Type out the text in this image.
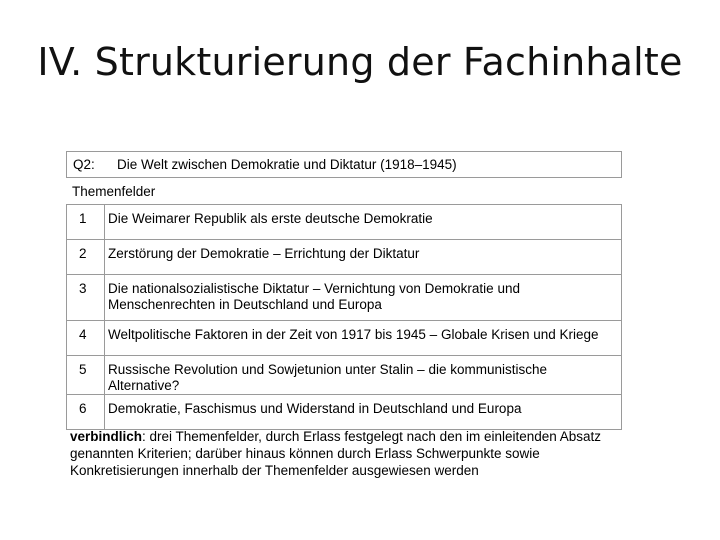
IV. Strukturierung der Fachinhalte
Q2: Die Welt zwischen Demokratie und Diktatur (1918–1945)
Themenfelder
1	Die Weimarer Republik als erste deutsche Demokratie
2	Zerstörung der Demokratie – Errichtung der Diktatur
3	Die nationalsozialistische Diktatur – Vernichtung von Demokratie und Menschenrechten in Deutschland und Europa
4	Weltpolitische Faktoren in der Zeit von 1917 bis 1945 – Globale Krisen und Kriege
5	Russische Revolution und Sowjetunion unter Stalin – die kommunistische Alternative?
6	Demokratie, Faschismus und Widerstand in Deutschland und Europa
verbindlich: drei Themenfelder, durch Erlass festgelegt nach den im einleitenden Absatz genannten Kriterien; darüber hinaus können durch Erlass Schwerpunkte sowie Konkretisierungen innerhalb der Themenfelder ausgewiesen werden
